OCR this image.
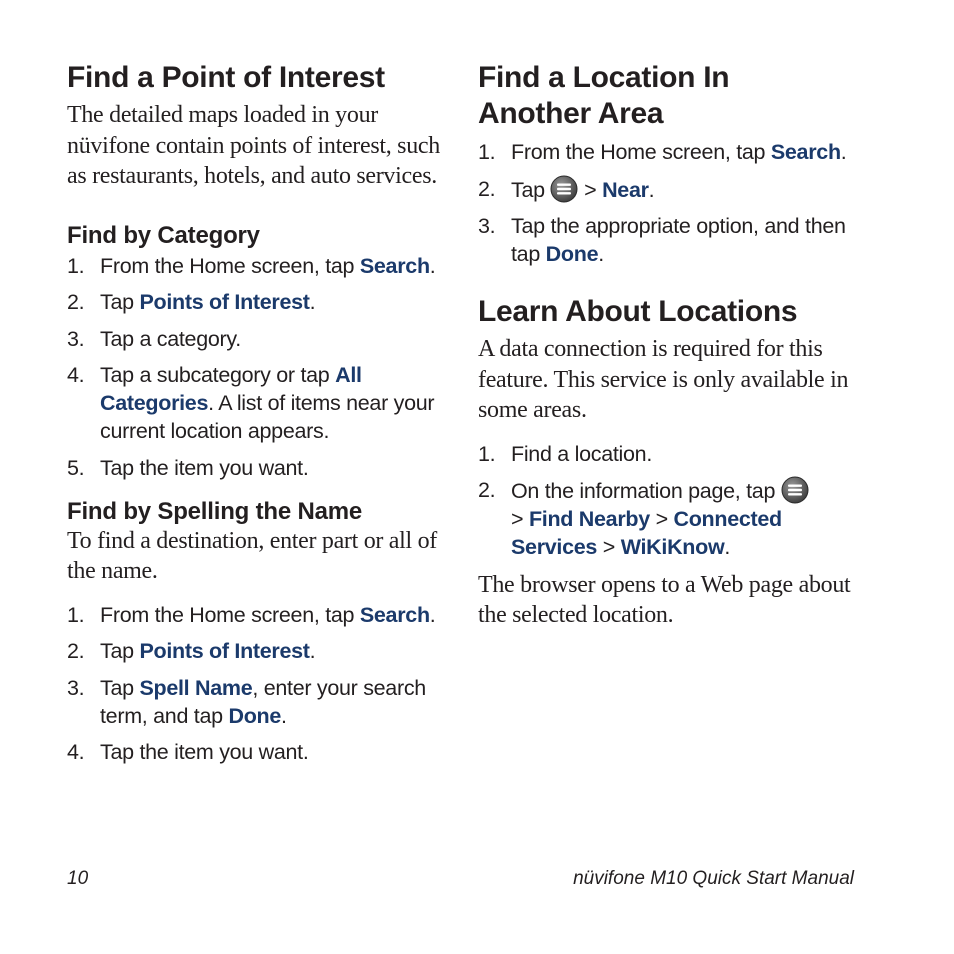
Find a Point of Interest

The detailed maps loaded in your nüvifone contain points of interest, such as restaurants, hotels, and auto services.

Find by Category
1. From the Home screen, tap Search.
2. Tap Points of Interest.
3. Tap a category.
4. Tap a subcategory or tap All Categories. A list of items near your current location appears.
5. Tap the item you want.
Find by Spelling the Name

To find a destination, enter part or all of the name.

1. From the Home screen, tap Search.
2. Tap Points of Interest.
3. Tap Spell Name, enter your search term, and tap Done.
4. Tap the item you want.
Find a Location In
Another Area
1. From the Home screen, tap Search.
2. Tap  > Near.
3. Tap the appropriate option, and then tap Done.
Learn About Locations

A data connection is required for this feature. This service is only available in some areas.

1. Find a location.
2. On the information page, tap
> Find Nearby > Connected Services > WiKiKnow.

The browser opens to a Web page about the selected location.

10	nüvifone M10 Quick Start Manual
